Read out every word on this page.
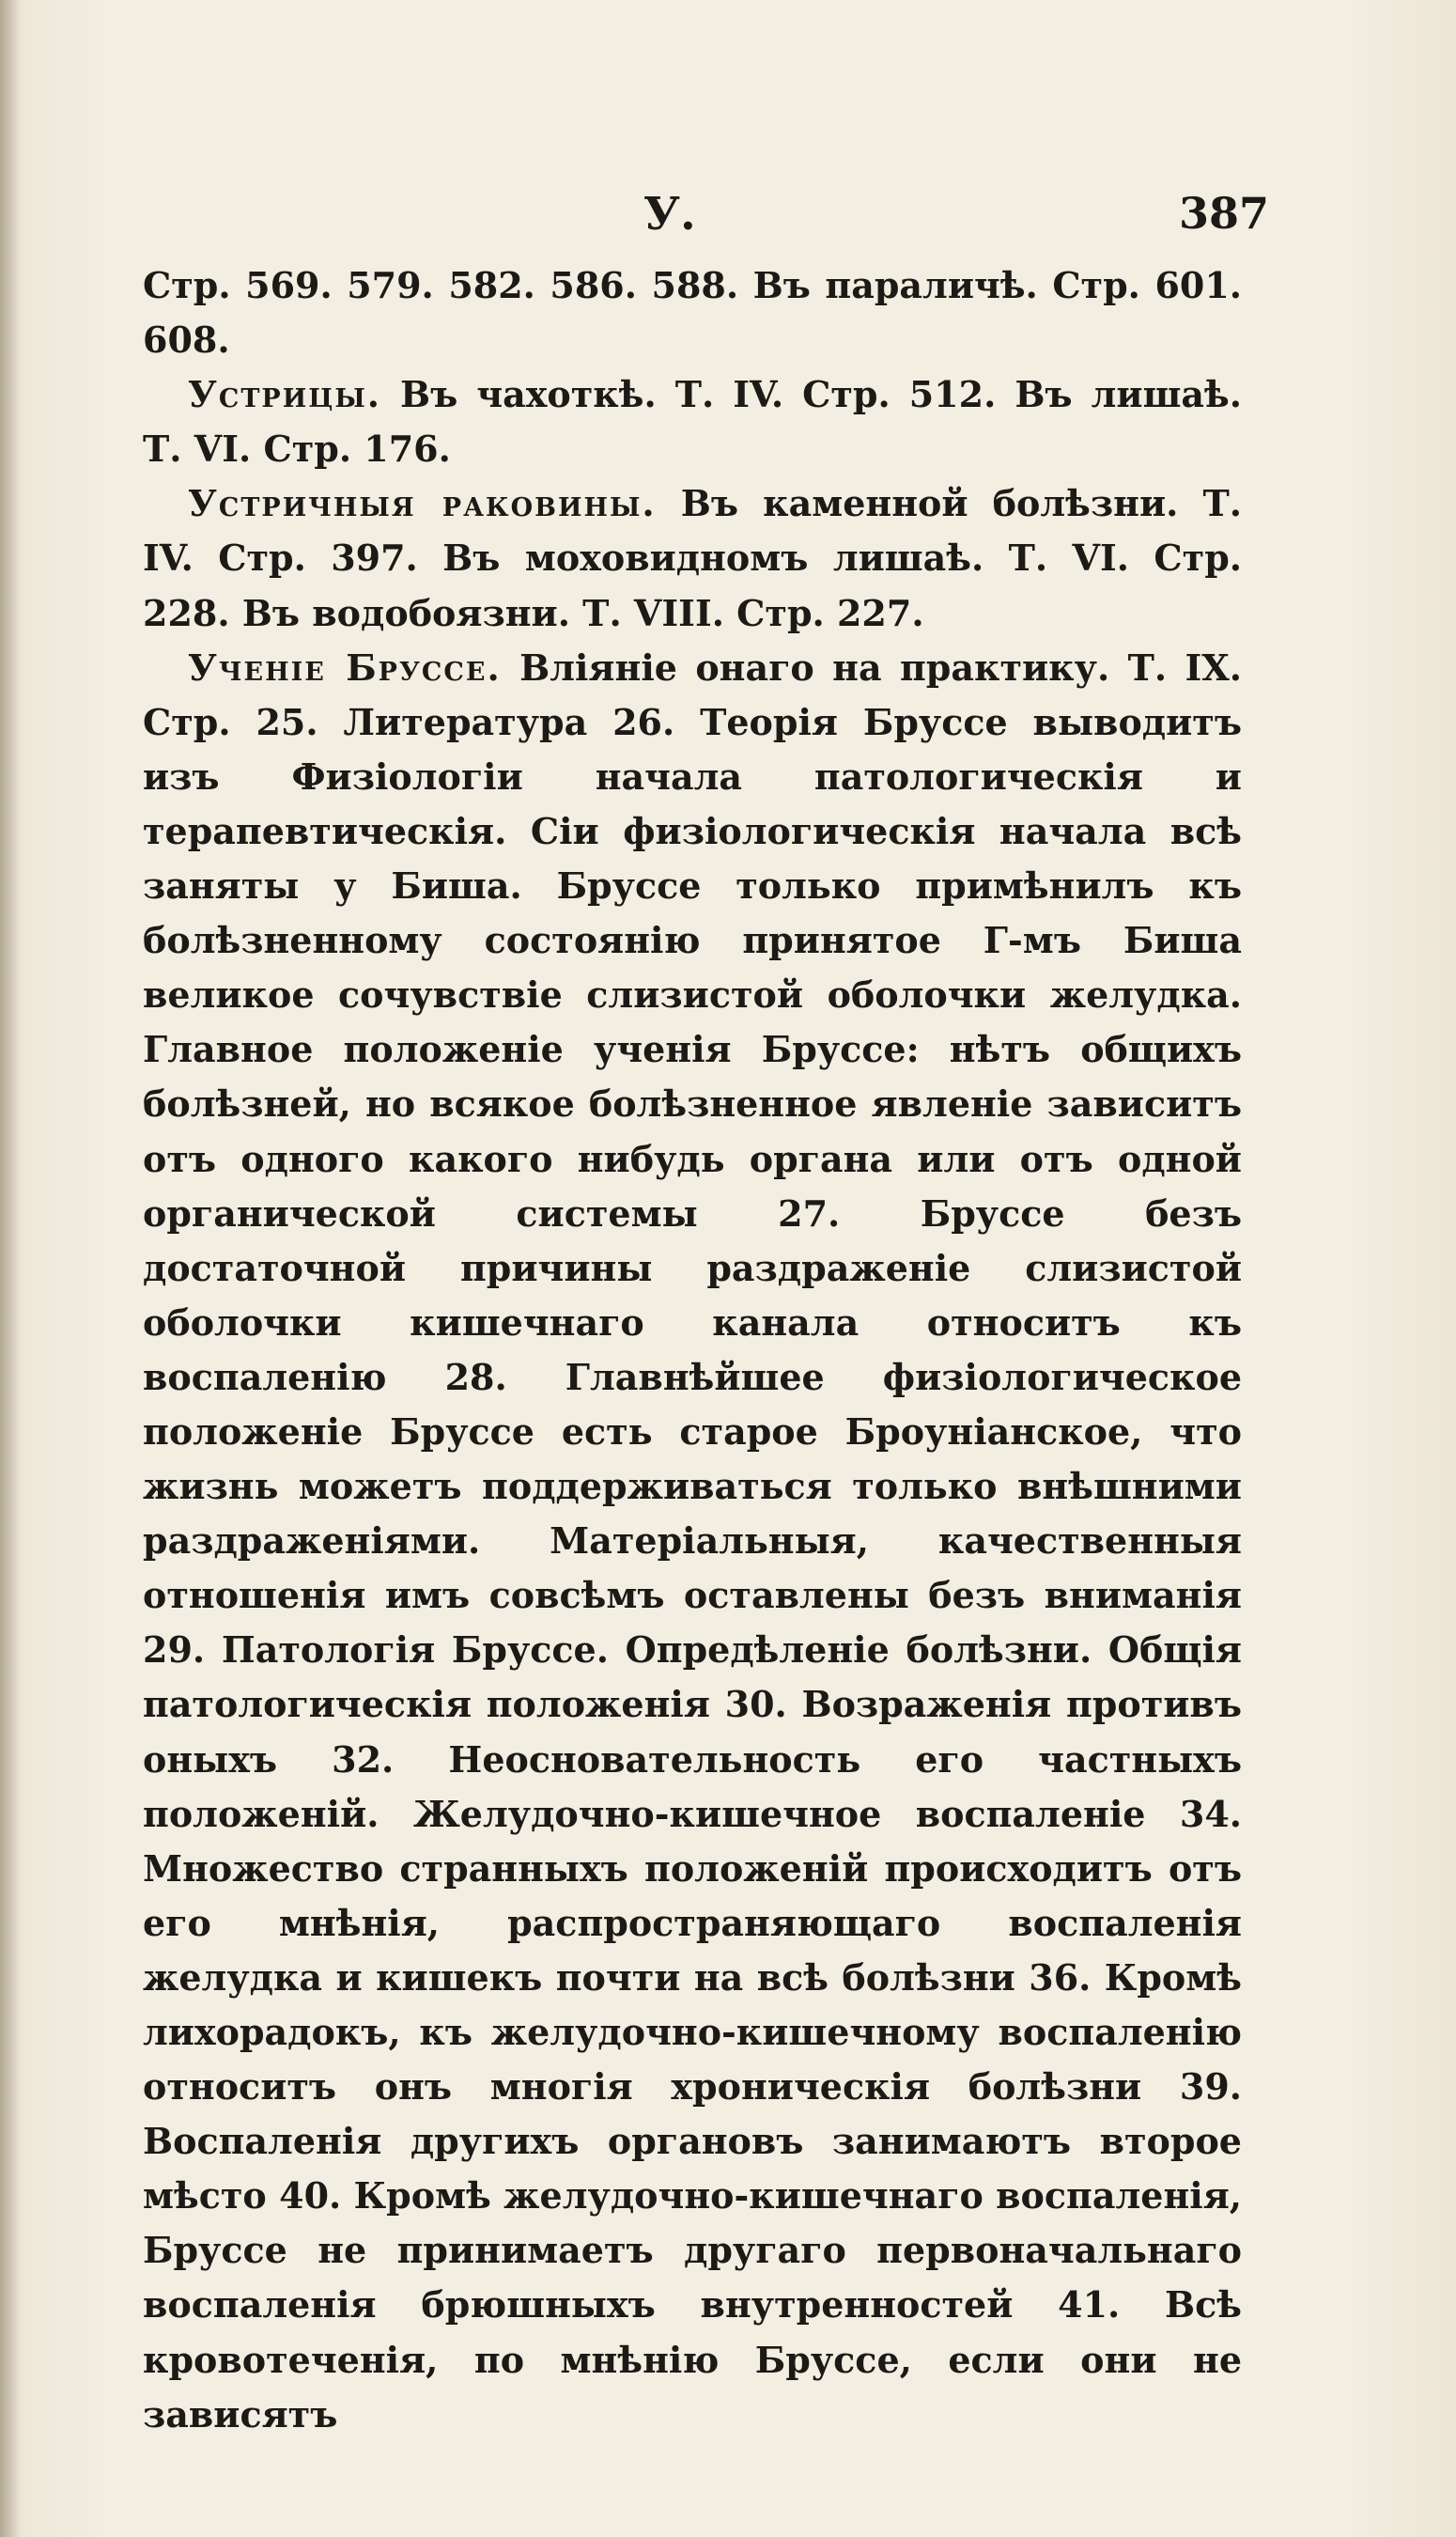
У.	387

Стр. 569. 579. 582. 586. 588. Въ параличѣ. Стр. 601. 608.

Устрицы. Въ чахоткѣ. Т. IV. Стр. 512. Въ лишаѣ. Т. VI. Стр. 176.

Устричныя раковины. Въ каменной болѣзни. Т. IV. Стр. 397. Въ моховидномъ лишаѣ. Т. VI. Стр. 228. Въ водобоязни. Т. VIII. Стр. 227.

Ученіе Бруссе. Вліяніе онаго на практику. Т. IX. Стр. 25. Литература 26. Теорія Бруссе выводитъ изъ Физіологіи начала патологическія и терапевтическія. Сіи физіологическія начала всѣ заняты у Биша. Бруссе только примѣнилъ къ болѣзненному состоянію принятое Г-мъ Биша великое сочувствіе слизистой оболочки желудка. Главное положеніе ученія Бруссе: нѣтъ общихъ болѣзней, но всякое болѣзненное явленіе зависитъ отъ одного какого нибудь органа или отъ одной органической системы 27. Бруссе безъ достаточной причины раздраженіе слизистой оболочки кишечнаго канала относитъ къ воспаленію 28. Главнѣйшее физіологическое положеніе Бруссе есть старое Броуніанское, что жизнь можетъ поддерживаться только внѣшними раздраженіями. Матеріальныя, качественныя отношенія имъ совсѣмъ оставлены безъ вниманія 29. Патологія Бруссе. Опредѣленіе болѣзни. Общія патологическія положенія 30. Возраженія противъ оныхъ 32. Неосновательность его частныхъ положеній. Желудочно-кишечное воспаленіе 34. Множество странныхъ положеній происходитъ отъ его мнѣнія, распространяющаго воспаленія желудка и кишекъ почти на всѣ болѣзни 36. Кромѣ лихорадокъ, къ желудочно-кишечному воспаленію относитъ онъ многія хроническія болѣзни 39. Воспаленія другихъ органовъ занимаютъ второе мѣсто 40. Кромѣ желудочно-кишечнаго воспаленія, Бруссе не принимаетъ другаго первоначальнаго воспаленія брюшныхъ внутренностей 41. Всѣ кровотеченія, по мнѣнію Бруссе, если они не зависятъ
